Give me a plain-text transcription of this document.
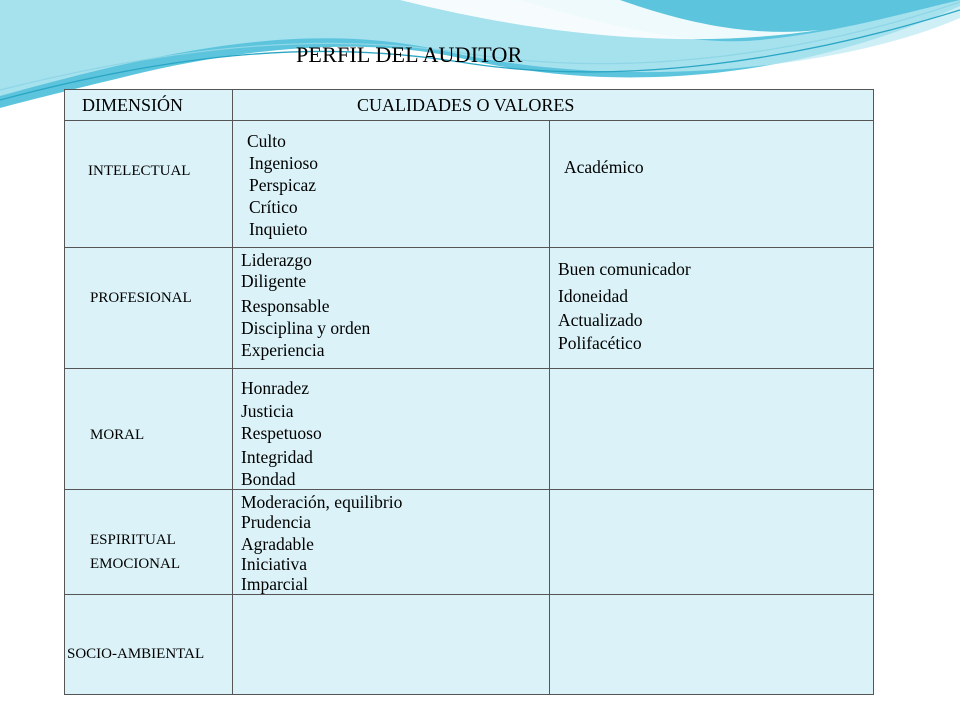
PERFIL DEL AUDITOR
DIMENSIÓN	CUALIDADES O VALORES
INTELECTUAL
Culto
Ingenioso
Perspicaz
Crítico
Inquieto
Académico
PROFESIONAL
Liderazgo
Diligente
Responsable
Disciplina y orden
Experiencia
Buen comunicador
Idoneidad
Actualizado
Polifacético
MORAL
Honradez
Justicia
Respetuoso
Integridad
Bondad
ESPIRITUAL
EMOCIONAL
Moderación, equilibrio
Prudencia
Agradable
Iniciativa
Imparcial
SOCIO-AMBIENTAL
